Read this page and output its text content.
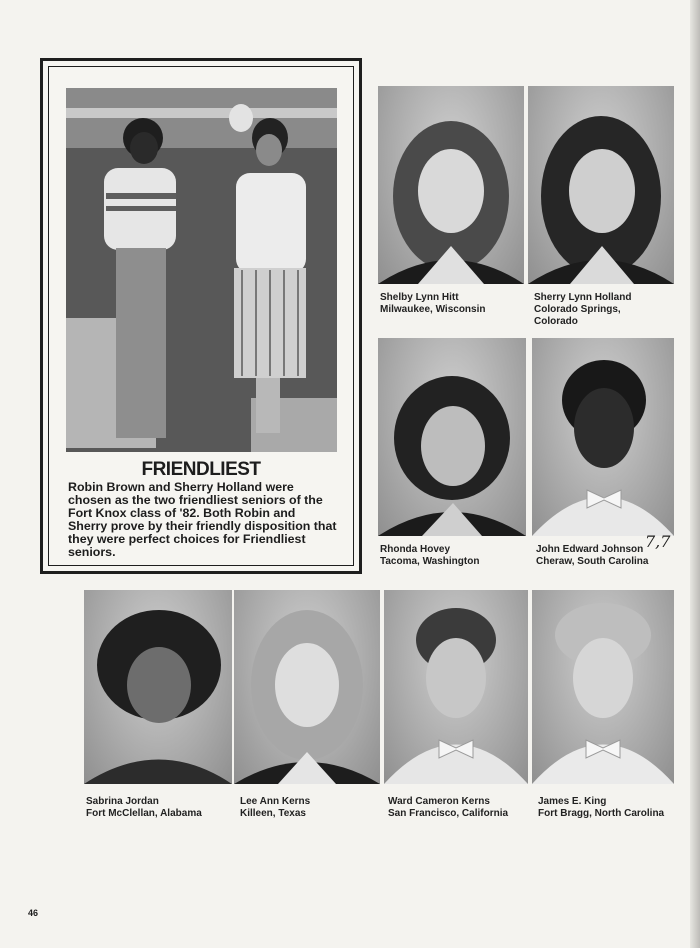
FRIENDLIEST
Robin Brown and Sherry Holland were chosen as the two friendliest seniors of the Fort Knox class of '82. Both Robin and Sherry prove by their friendly disposition that they were perfect choices for Friendliest seniors.
Shelby Lynn Hitt
Milwaukee, Wisconsin
Sherry Lynn Holland
Colorado Springs,
Colorado
Rhonda Hovey
Tacoma, Washington
John Edward Johnson
Cheraw, South Carolina
7,7
Sabrina Jordan
Fort McClellan, Alabama
Lee Ann Kerns
Killeen, Texas
Ward Cameron Kerns
San Francisco, California
James E. King
Fort Bragg, North Carolina
46
